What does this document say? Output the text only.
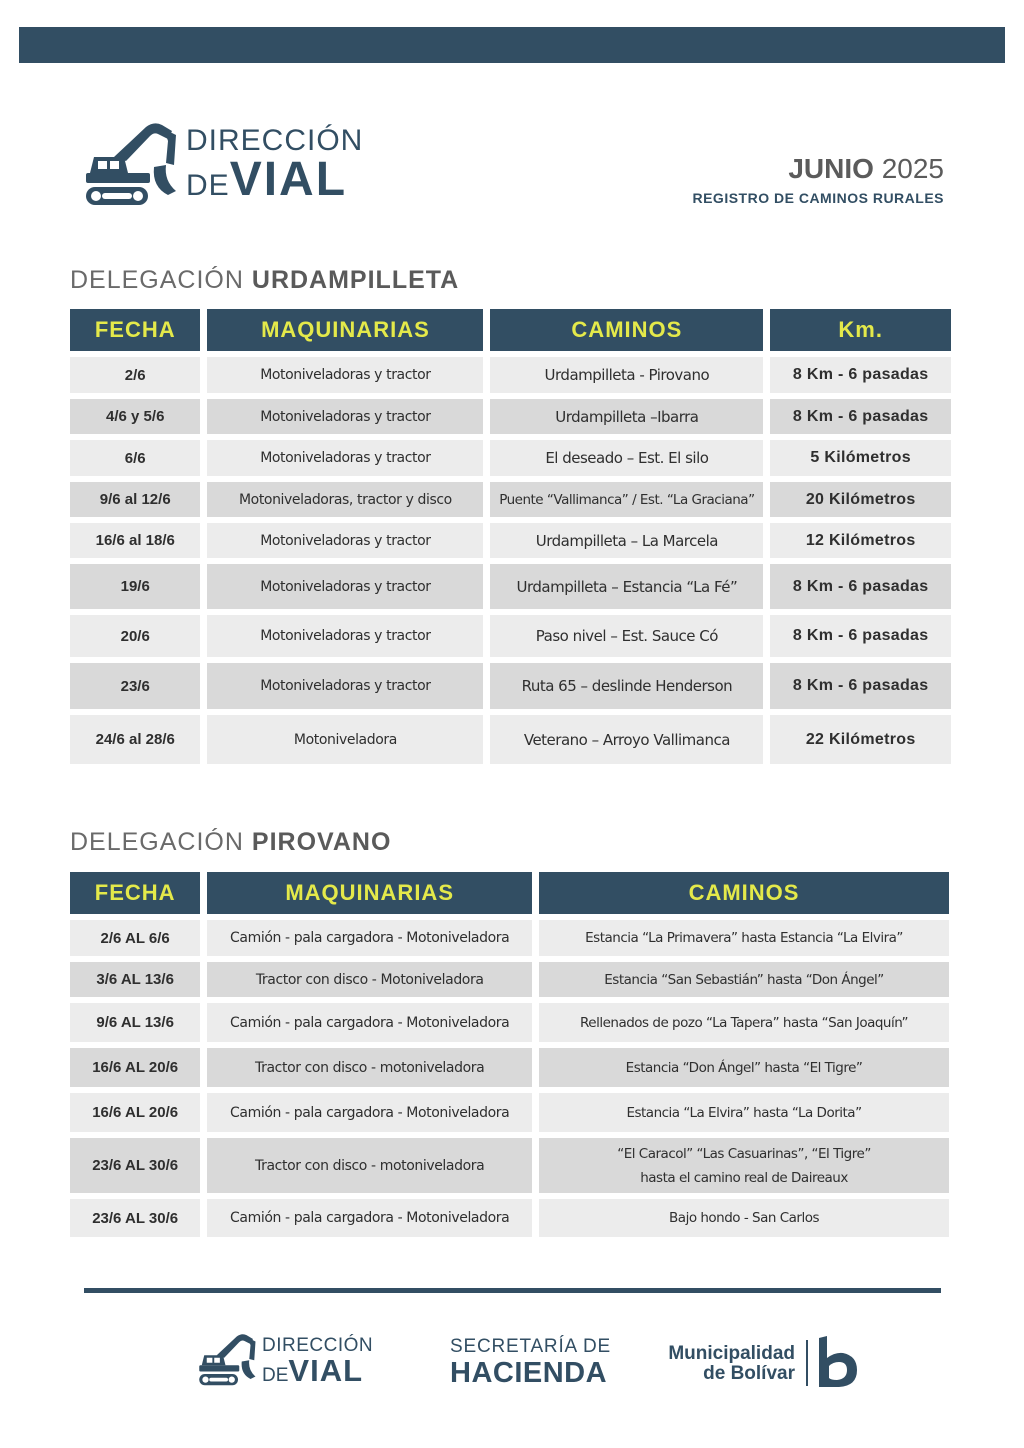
DIRECCIÓN
DEVIAL	JUNIO 2025
REGISTRO DE CAMINOS RURALES
DELEGACIÓN URDAMPILLETA
FECHA	MAQUINARIAS	CAMINOS	Km.
2/6	Motoniveladoras y tractor	Urdampilleta - Pirovano	8 Km - 6 pasadas
4/6 y 5/6	Motoniveladoras y tractor	Urdampilleta –Ibarra	8 Km - 6 pasadas
6/6	Motoniveladoras y tractor	El deseado – Est. El silo	5 Kilómetros
9/6 al 12/6	Motoniveladoras, tractor y disco	Puente “Vallimanca” / Est. “La Graciana”	20 Kilómetros
16/6 al 18/6	Motoniveladoras y tractor	Urdampilleta – La Marcela	12 Kilómetros
19/6	Motoniveladoras y tractor	Urdampilleta – Estancia “La Fé”	8 Km - 6 pasadas
20/6	Motoniveladoras y tractor	Paso nivel – Est. Sauce Có	8 Km - 6 pasadas
23/6	Motoniveladoras y tractor	Ruta 65 – deslinde Henderson	8 Km - 6 pasadas
24/6 al 28/6	Motoniveladora	Veterano – Arroyo Vallimanca	22 Kilómetros
DELEGACIÓN PIROVANO
FECHA	MAQUINARIAS	CAMINOS
2/6 AL 6/6	Camión - pala cargadora - Motoniveladora	Estancia “La Primavera” hasta Estancia “La Elvira”
3/6 AL 13/6	Tractor con disco - Motoniveladora	Estancia “San Sebastián” hasta “Don Ángel”
9/6 AL 13/6	Camión - pala cargadora - Motoniveladora	Rellenados de pozo “La Tapera” hasta “San Joaquín”
16/6 AL 20/6	Tractor con disco - motoniveladora	Estancia “Don Ángel” hasta “El Tigre”
16/6 AL 20/6	Camión - pala cargadora - Motoniveladora	Estancia “La Elvira” hasta “La Dorita”
23/6 AL 30/6	Tractor con disco - motoniveladora	“El Caracol” “Las Casuarinas”, “El Tigre”
hasta el camino real de Daireaux

23/6 AL 30/6	Camión - pala cargadora - Motoniveladora	Bajo hondo - San Carlos
DIRECCIÓN
DEVIAL
SECRETARÍA DE
HACIENDA
Municipalidad
de Bolívar
